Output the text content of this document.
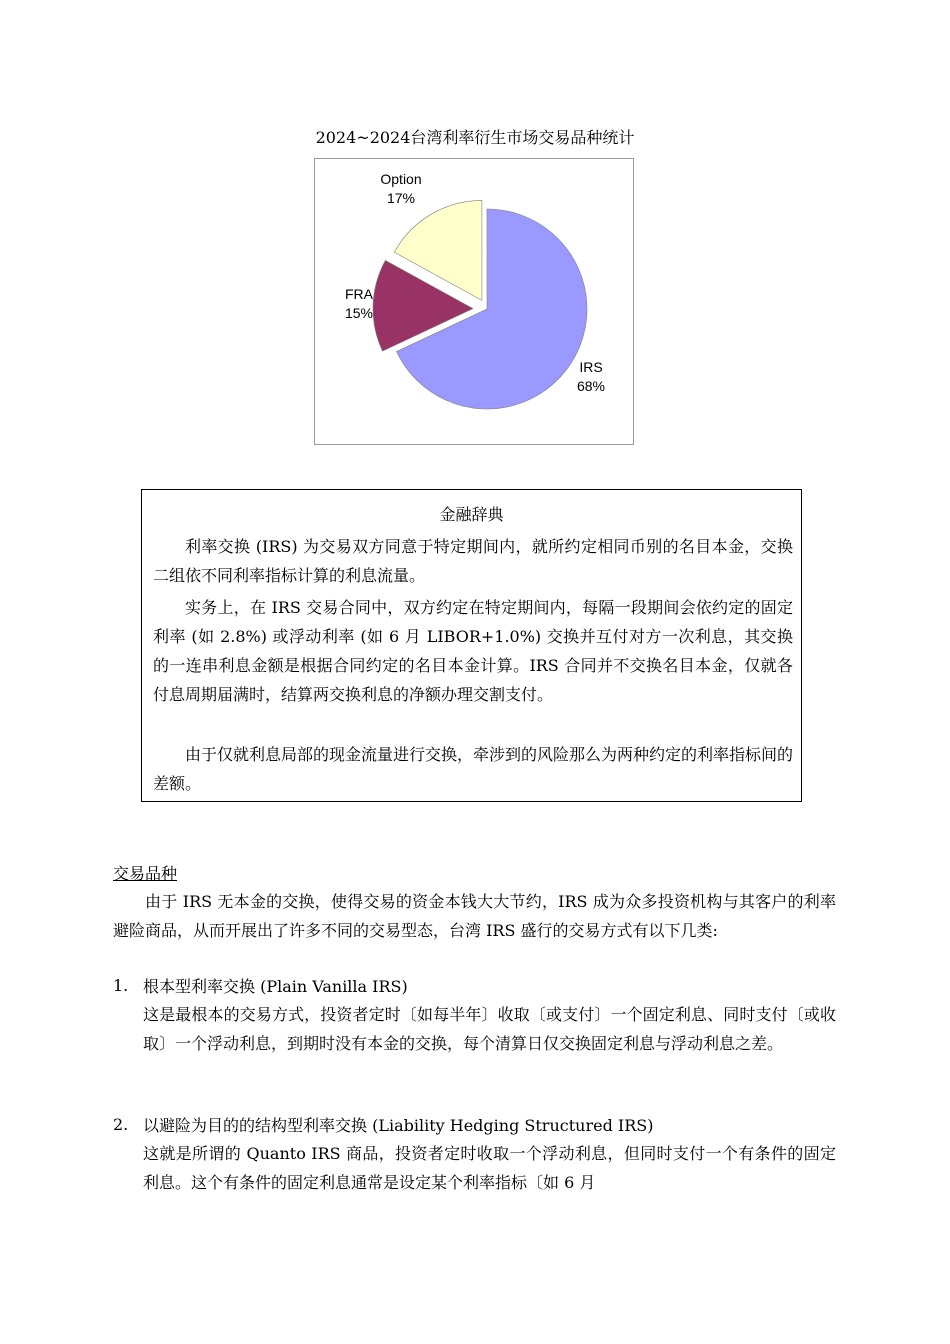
2024~2024台湾利率衍生市场交易品种统计
IRS
68%
FRA
15%
Option
17%
金融辞典

利率交换 (IRS) 为交易双方同意于特定期间内，就所约定相同币别的名目本金，交换二组依不同利率指标计算的利息流量。

实务上，在 IRS 交易合同中，双方约定在特定期间内，每隔一段期间会依约定的固定利率 (如 2.8%) 或浮动利率 (如 6 月 LIBOR+1.0%) 交换并互付对方一次利息，其交换的一连串利息金额是根据合同约定的名目本金计算。IRS 合同并不交换名目本金，仅就各付息周期届满时，结算两交换利息的净额办理交割支付。

由于仅就利息局部的现金流量进行交换，牵涉到的风险那么为两种约定的利率指标间的差额。

交易品种

由于 IRS 无本金的交换，使得交易的资金本钱大大节约，IRS 成为众多投资机构与其客户的利率避险商品，从而开展出了许多不同的交易型态，台湾 IRS 盛行的交易方式有以下几类:

1. 根本型利率交换 (Plain Vanilla IRS)

这是最根本的交易方式，投资者定时〔如每半年〕收取〔或支付〕一个固定利息、同时支付〔或收取〕一个浮动利息，到期时没有本金的交换，每个清算日仅交换固定利息与浮动利息之差。

2. 以避险为目的的结构型利率交换 (Liability Hedging Structured IRS)

这就是所谓的 Quanto IRS 商品，投资者定时收取一个浮动利息，但同时支付一个有条件的固定利息。这个有条件的固定利息通常是设定某个利率指标〔如 6 月
